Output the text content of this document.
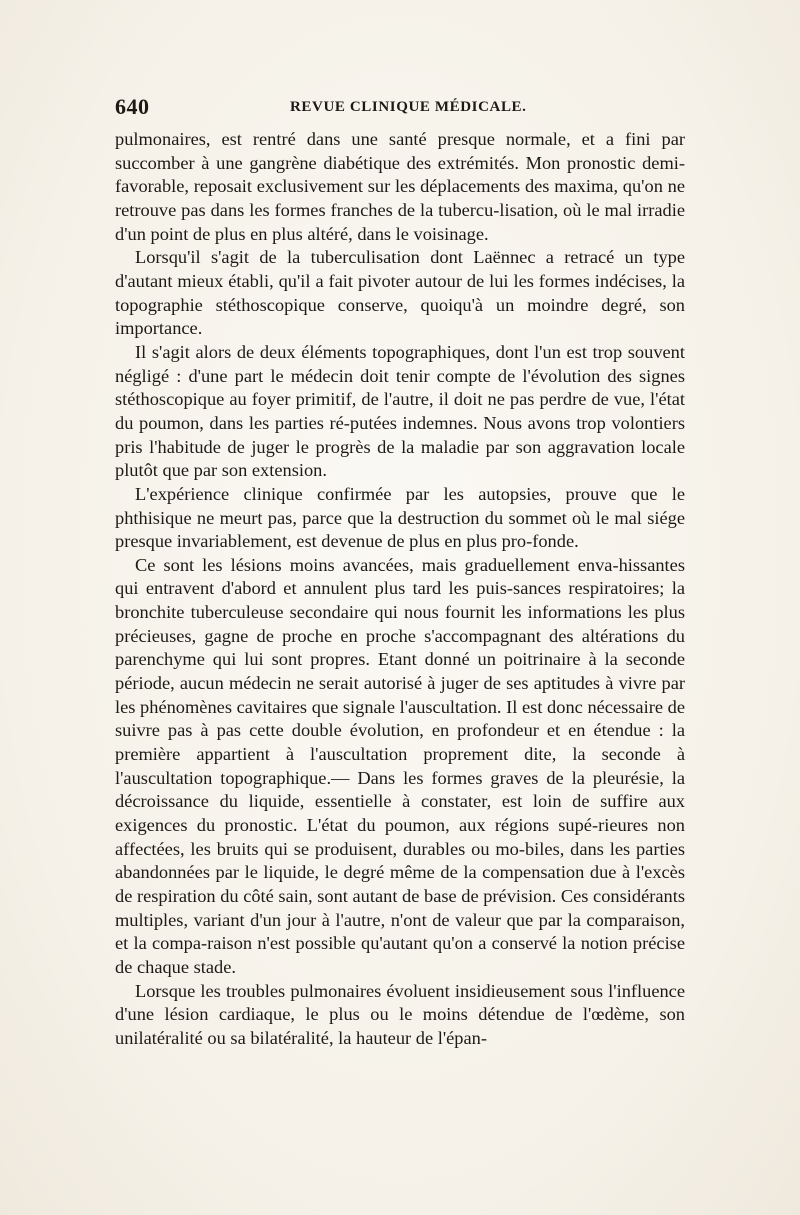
640	REVUE CLINIQUE MÉDICALE.

pulmonaires, est rentré dans une santé presque normale, et a fini par succomber à une gangrène diabétique des extrémités. Mon pronostic demi-favorable, reposait exclusivement sur les déplacements des maxima, qu'on ne retrouve pas dans les formes franches de la tubercu-lisation, où le mal irradie d'un point de plus en plus altéré, dans le voisinage.

Lorsqu'il s'agit de la tuberculisation dont Laënnec a retracé un type d'autant mieux établi, qu'il a fait pivoter autour de lui les formes indécises, la topographie stéthoscopique conserve, quoiqu'à un moindre degré, son importance.

Il s'agit alors de deux éléments topographiques, dont l'un est trop souvent négligé : d'une part le médecin doit tenir compte de l'évolution des signes stéthoscopique au foyer primitif, de l'autre, il doit ne pas perdre de vue, l'état du poumon, dans les parties ré-putées indemnes. Nous avons trop volontiers pris l'habitude de juger le progrès de la maladie par son aggravation locale plutôt que par son extension.

L'expérience clinique confirmée par les autopsies, prouve que le phthisique ne meurt pas, parce que la destruction du sommet où le mal siége presque invariablement, est devenue de plus en plus pro-fonde.

Ce sont les lésions moins avancées, mais graduellement enva-hissantes qui entravent d'abord et annulent plus tard les puis-sances respiratoires; la bronchite tuberculeuse secondaire qui nous fournit les informations les plus précieuses, gagne de proche en proche s'accompagnant des altérations du parenchyme qui lui sont propres. Etant donné un poitrinaire à la seconde période, aucun médecin ne serait autorisé à juger de ses aptitudes à vivre par les phénomènes cavitaires que signale l'auscultation. Il est donc nécessaire de suivre pas à pas cette double évolution, en profondeur et en étendue : la première appartient à l'auscultation proprement dite, la seconde à l'auscultation topographique.— Dans les formes graves de la pleurésie, la décroissance du liquide, essentielle à constater, est loin de suffire aux exigences du pronostic. L'état du poumon, aux régions supé-rieures non affectées, les bruits qui se produisent, durables ou mo-biles, dans les parties abandonnées par le liquide, le degré même de la compensation due à l'excès de respiration du côté sain, sont autant de base de prévision. Ces considérants multiples, variant d'un jour à l'autre, n'ont de valeur que par la comparaison, et la compa-raison n'est possible qu'autant qu'on a conservé la notion précise de chaque stade.

Lorsque les troubles pulmonaires évoluent insidieusement sous l'influence d'une lésion cardiaque, le plus ou le moins détendue de l'œdème, son unilatéralité ou sa bilatéralité, la hauteur de l'épan-
